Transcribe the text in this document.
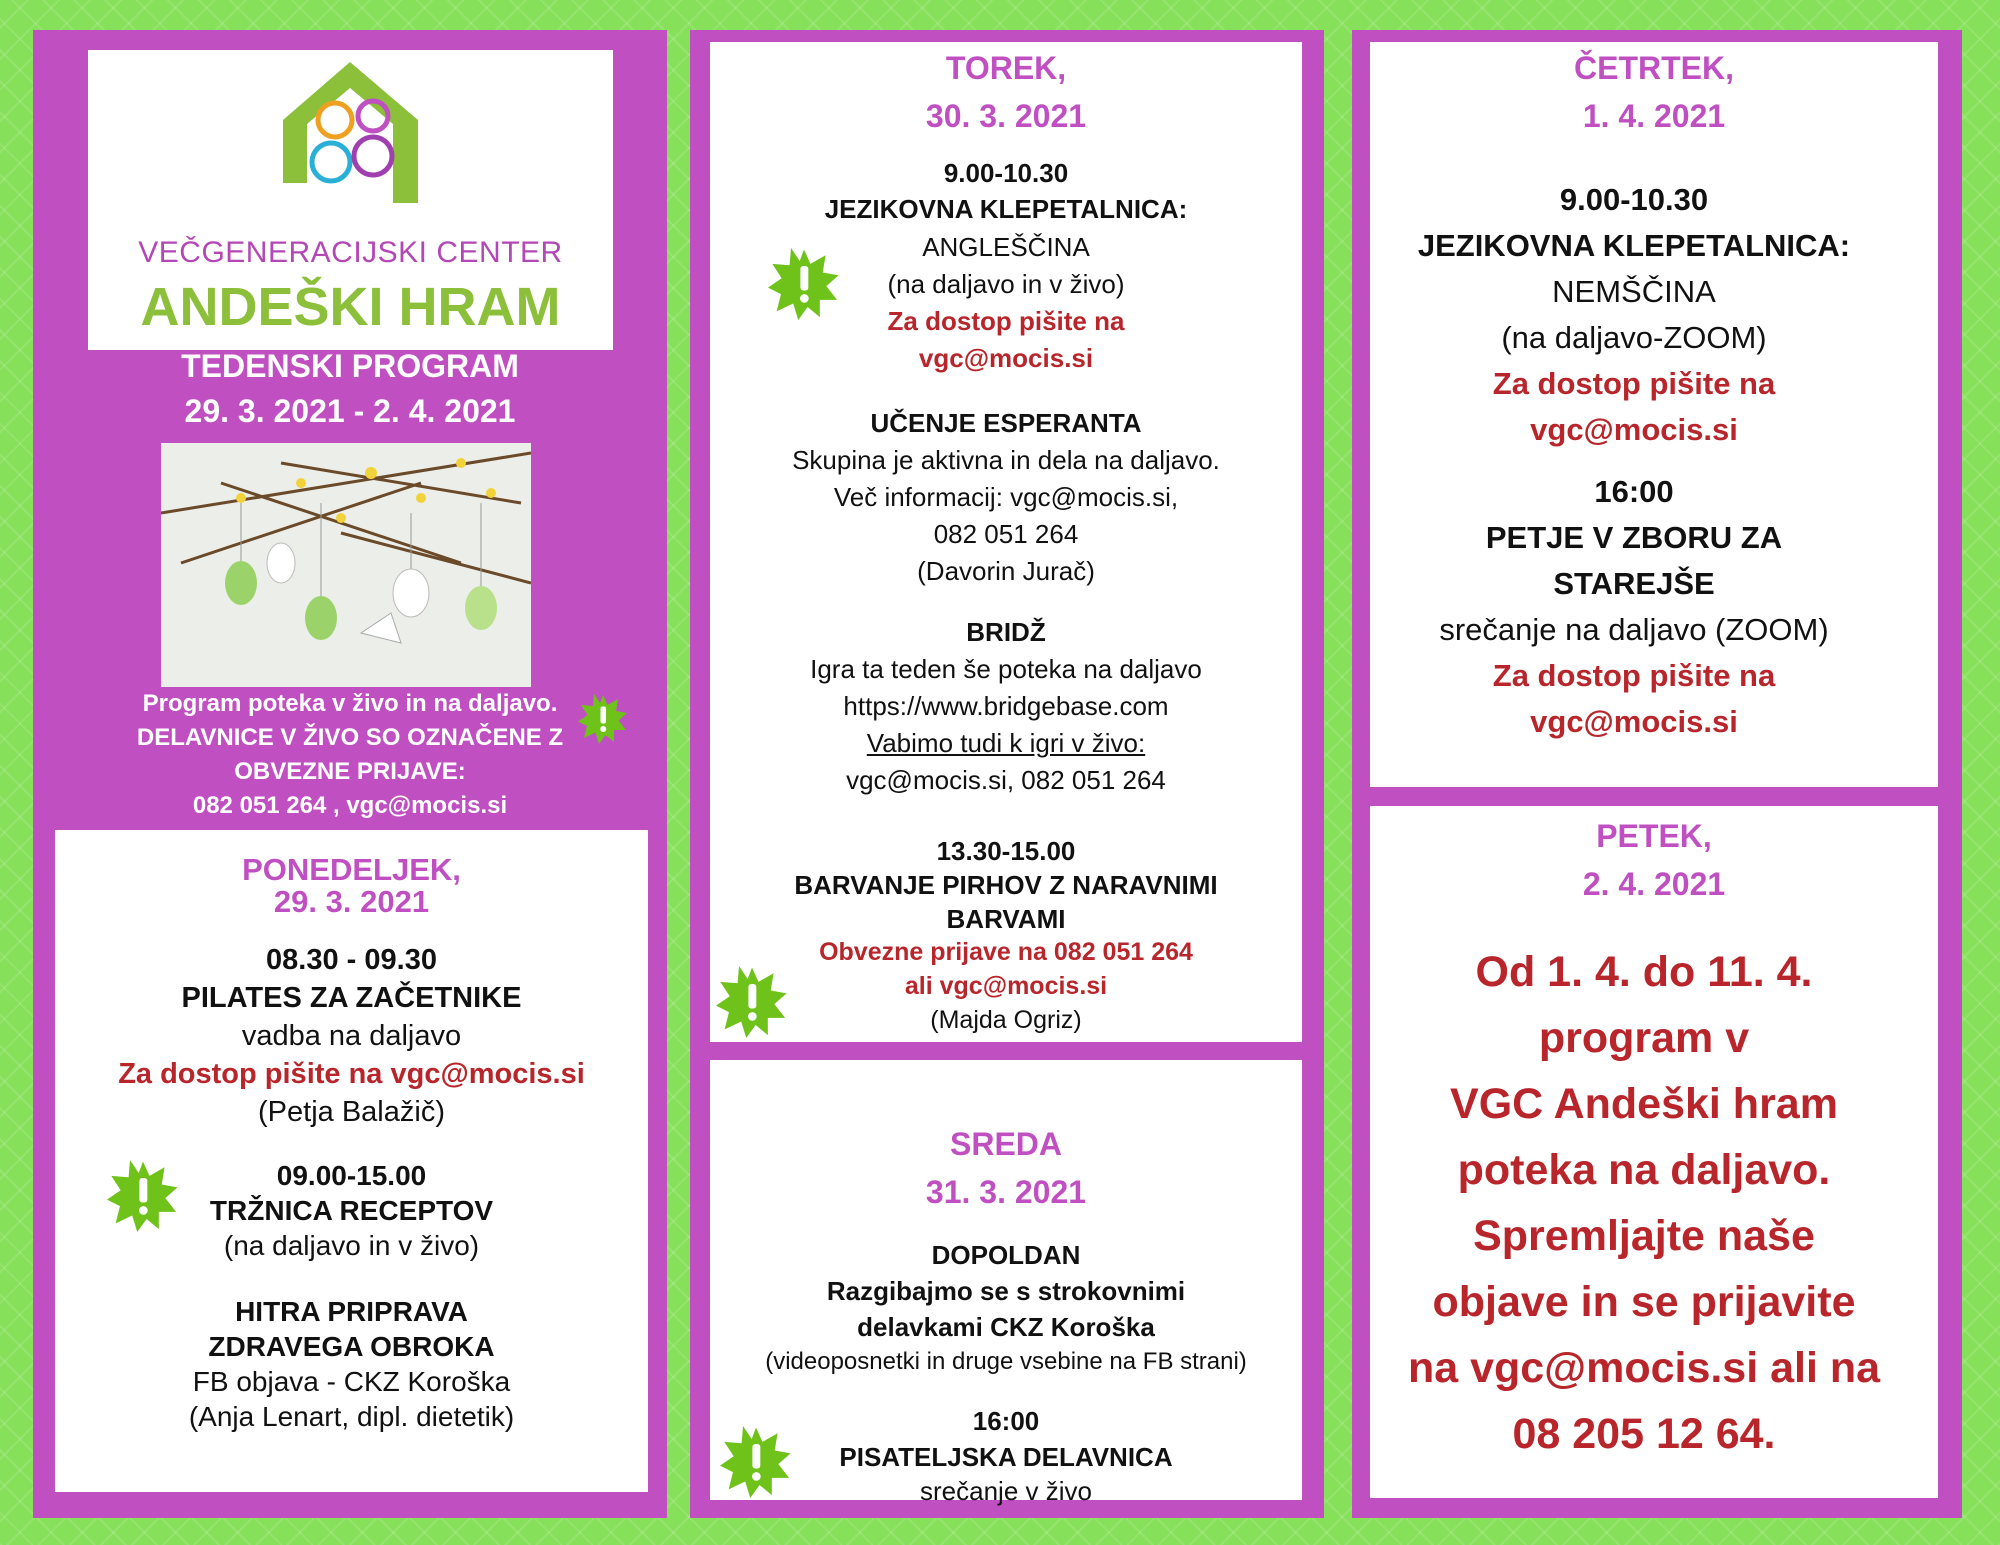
VEČGENERACIJSKI CENTER
ANDEŠKI HRAM
TEDENSKI PROGRAM
29. 3. 2021 - 2. 4. 2021
Program poteka v živo in na daljavo.
DELAVNICE V ŽIVO SO OZNAČENE Z
OBVEZNE PRIJAVE:
082 051 264 , vgc@mocis.si
PONEDELJEK,
29. 3. 2021
08.30 - 09.30
PILATES ZA ZAČETNIKE
vadba na daljavo
Za dostop pišite na vgc@mocis.si
(Petja Balažič)
09.00-15.00
TRŽNICA RECEPTOV
(na daljavo in v živo)
HITRA PRIPRAVA
ZDRAVEGA OBROKA
FB objava - CKZ Koroška
(Anja Lenart, dipl. dietetik)
TOREK,
30. 3. 2021
9.00-10.30
JEZIKOVNA KLEPETALNICA:
ANGLEŠČINA
(na daljavo in v živo)
Za dostop pišite na
vgc@mocis.si
UČENJE ESPERANTA
Skupina je aktivna in dela na daljavo.
Več informacij: vgc@mocis.si,
082 051 264
(Davorin Jurač)
BRIDŽ
Igra ta teden še poteka na daljavo
https://www.bridgebase.com
Vabimo tudi k igri v živo:
vgc@mocis.si, 082 051 264
13.30-15.00
BARVANJE PIRHOV Z NARAVNIMI
BARVAMI
Obvezne prijave na 082 051 264
ali vgc@mocis.si
(Majda Ogriz)
SREDA
31. 3. 2021
DOPOLDAN
Razgibajmo se s strokovnimi
delavkami CKZ Koroška
(videoposnetki in druge vsebine na FB strani)
16:00
PISATELJSKA DELAVNICA
srečanje v živo
ČETRTEK,
1. 4. 2021
9.00-10.30
JEZIKOVNA KLEPETALNICA:
NEMŠČINA
(na daljavo-ZOOM)
Za dostop pišite na
vgc@mocis.si
16:00
PETJE V ZBORU ZA
STAREJŠE
srečanje na daljavo (ZOOM)
Za dostop pišite na
vgc@mocis.si
PETEK,
2. 4. 2021
Od 1. 4. do 11. 4.
program v
VGC Andeški hram
poteka na daljavo.
Spremljajte naše
objave in se prijavite
na vgc@mocis.si ali na
08 205 12 64.
